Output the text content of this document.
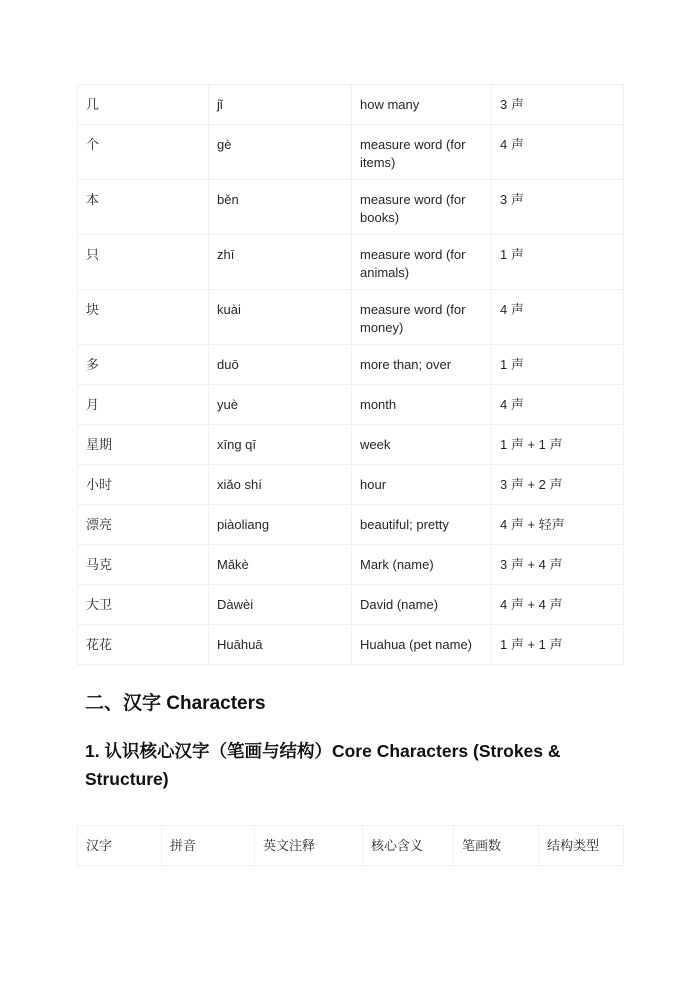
几	jǐ	how many	3 声
个	gè	measure word (for items)	4 声
本	běn	measure word (for books)	3 声
只	zhī	measure word (for animals)	1 声
块	kuài	measure word (for money)	4 声
多	duō	more than; over	1 声
月	yuè	month	4 声
星期	xīng qī	week	1 声 + 1 声
小时	xiǎo shí	hour	3 声 + 2 声
漂亮	piàoliang	beautiful; pretty	4 声 + 轻声
马克	Mǎkè	Mark (name)	3 声 + 4 声
大卫	Dàwèi	David (name)	4 声 + 4 声
花花	Huāhuā	Huahua (pet name)	1 声 + 1 声
二、汉字 Characters
1. 认识核心汉字（笔画与结构）Core Characters (Strokes & Structure)
汉字	拼音	英文注释	核心含义	笔画数	结构类型
